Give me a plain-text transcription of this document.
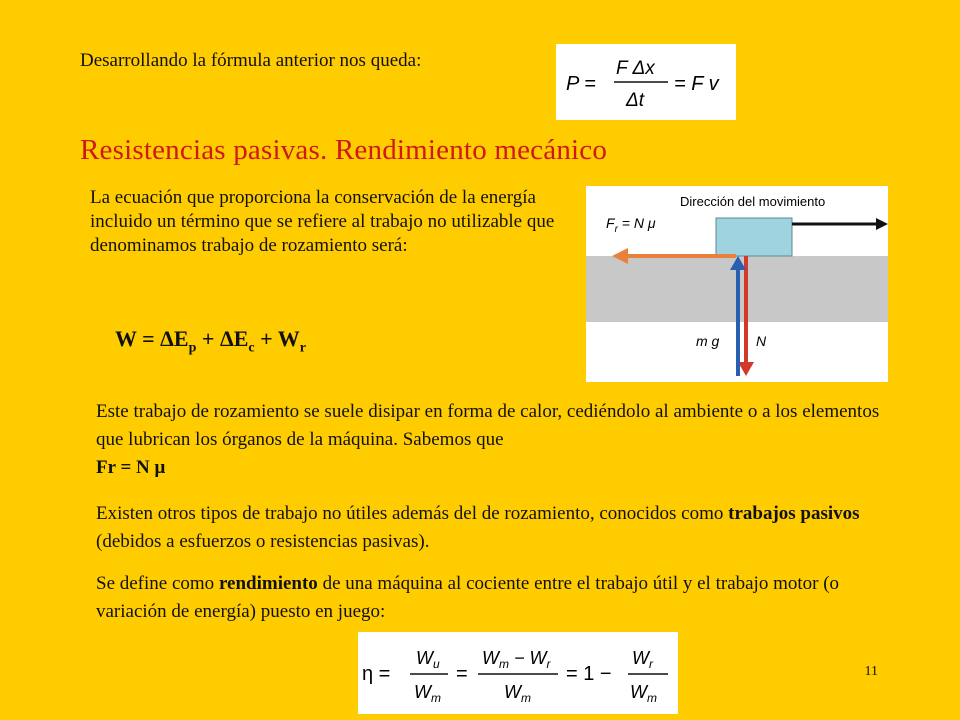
Desarrollando la fórmula anterior nos queda:
P =
F Δx
Δt
= F v
Resistencias pasivas. Rendimiento mecánico
La ecuación que proporciona la conservación de la energía incluido un término que se refiere al trabajo no utilizable que denominamos trabajo de rozamiento será:
$W = \Delta E_p + \Delta E_c + W_r$
Dirección del movimiento
$F_r = N$ μ
m g	N
Este trabajo de rozamiento se suele disipar en forma de calor, cediéndolo al ambiente o a los elementos que lubrican los órganos de la máquina. Sabemos que
Fr = N μ
Existen otros tipos de trabajo no útiles además del de rozamiento, conocidos como trabajos pasivos (debidos a esfuerzos o resistencias pasivas).
Se define como rendimiento de una máquina al cociente entre el trabajo útil y el trabajo motor (o variación de energía) puesto en juego:
η =
$W_u$
$W_m$
=
$W_m - W_r$
$W_m$
= 1 −
$W_r$
$W_m$
11
